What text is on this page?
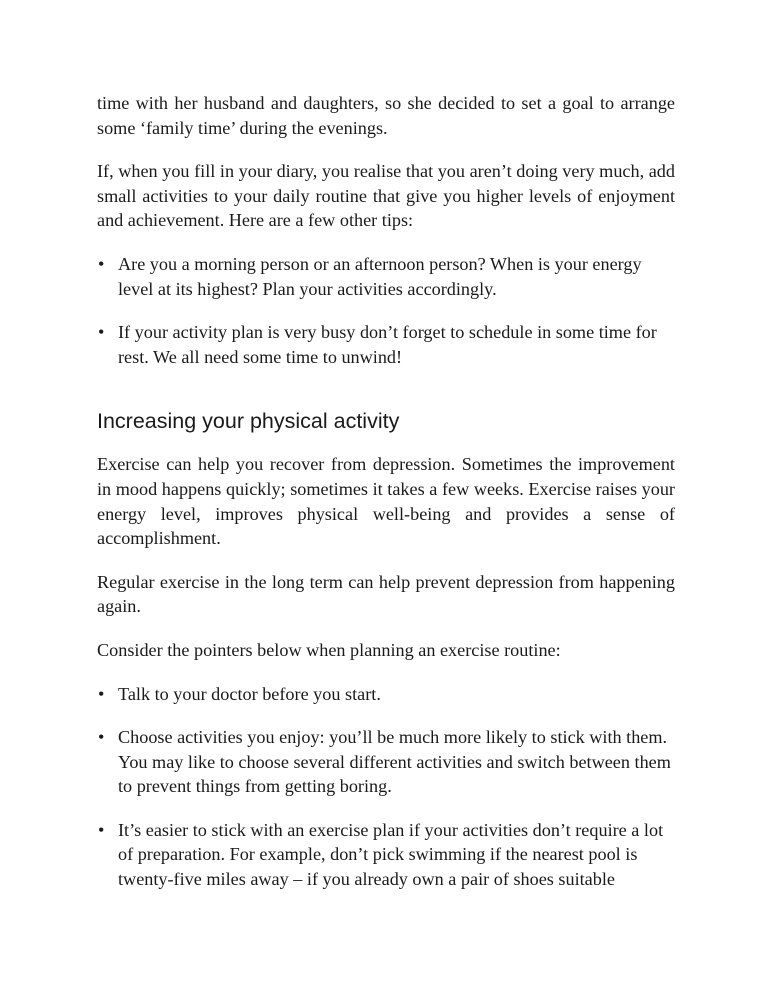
time with her husband and daughters, so she decided to set a goal to arrange some ‘family time’ during the evenings.

If, when you fill in your diary, you realise that you aren’t doing very much, add small activities to your daily routine that give you higher levels of enjoyment and achievement. Here are a few other tips:

• Are you a morning person or an afternoon person? When is your energy level at its highest? Plan your activities accordingly.
• If your activity plan is very busy don’t forget to schedule in some time for rest. We all need some time to unwind!
Increasing your physical activity

Exercise can help you recover from depression. Sometimes the improvement in mood happens quickly; sometimes it takes a few weeks. Exercise raises your energy level, improves physical well-being and provides a sense of accomplishment.

Regular exercise in the long term can help prevent depression from happening again.

Consider the pointers below when planning an exercise routine:

• Talk to your doctor before you start.
• Choose activities you enjoy: you’ll be much more likely to stick with them. You may like to choose several different activities and switch between them to prevent things from getting boring.
• It’s easier to stick with an exercise plan if your activities don’t require a lot of preparation. For example, don’t pick swimming if the nearest pool is twenty-five miles away – if you already own a pair of shoes suitable
